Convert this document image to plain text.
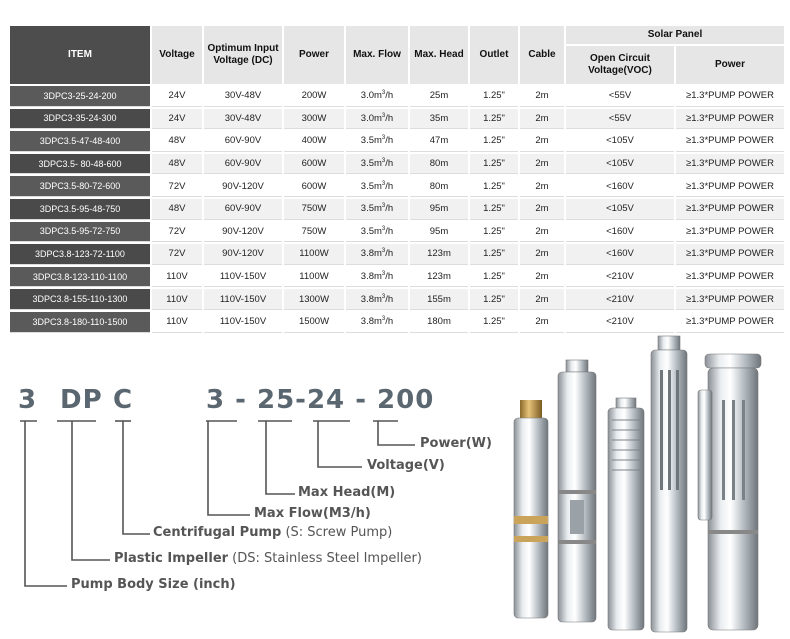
ITEM	Voltage	Optimum Input Voltage (DC)	Power	Max. Flow	Max. Head	Outlet	Cable	Solar Panel	
								Open Circuit Voltage(VOC)	Power
3DPC3-25-24-200	24V	30V-48V	200W	$3.0m^3/h$	25m	1.25"	2m	<55V	≥1.3*PUMP POWER
3DPC3-35-24-300	24V	30V-48V	300W	$3.0m^3/h$	35m	1.25"	2m	<55V	≥1.3*PUMP POWER
3DPC3.5-47-48-400	48V	60V-90V	400W	$3.5m^3/h$	47m	1.25"	2m	<105V	≥1.3*PUMP POWER
3DPC3.5- 80-48-600	48V	60V-90V	600W	$3.5m^3/h$	80m	1.25"	2m	<105V	≥1.3*PUMP POWER
3DPC3.5-80-72-600	72V	90V-120V	600W	$3.5m^3/h$	80m	1.25"	2m	<160V	≥1.3*PUMP POWER
3DPC3.5-95-48-750	48V	60V-90V	750W	$3.5m^3/h$	95m	1.25"	2m	<105V	≥1.3*PUMP POWER
3DPC3.5-95-72-750	72V	90V-120V	750W	$3.5m^3/h$	95m	1.25"	2m	<160V	≥1.3*PUMP POWER
3DPC3.8-123-72-1100	72V	90V-120V	1100W	$3.8m^3/h$	123m	1.25"	2m	<160V	≥1.3*PUMP POWER
3DPC3.8-123-110-1100	110V	110V-150V	1100W	$3.8m^3/h$	123m	1.25"	2m	<210V	≥1.3*PUMP POWER
3DPC3.8-155-110-1300	110V	110V-150V	1300W	$3.8m^3/h$	155m	1.25"	2m	<210V	≥1.3*PUMP POWER
3DPC3.8-180-110-1500	110V	110V-150V	1500W	$3.8m^3/h$	180m	1.25"	2m	<210V	≥1.3*PUMP POWER
3 DP C	3 - 25-24 - 200
Power(W)
Voltage(V)
Max Head(M)
Max Flow(M3/h)
Centrifugal Pump (S: Screw Pump)
Plastic Impeller (DS: Stainless Steel Impeller)
Pump Body Size (inch)
